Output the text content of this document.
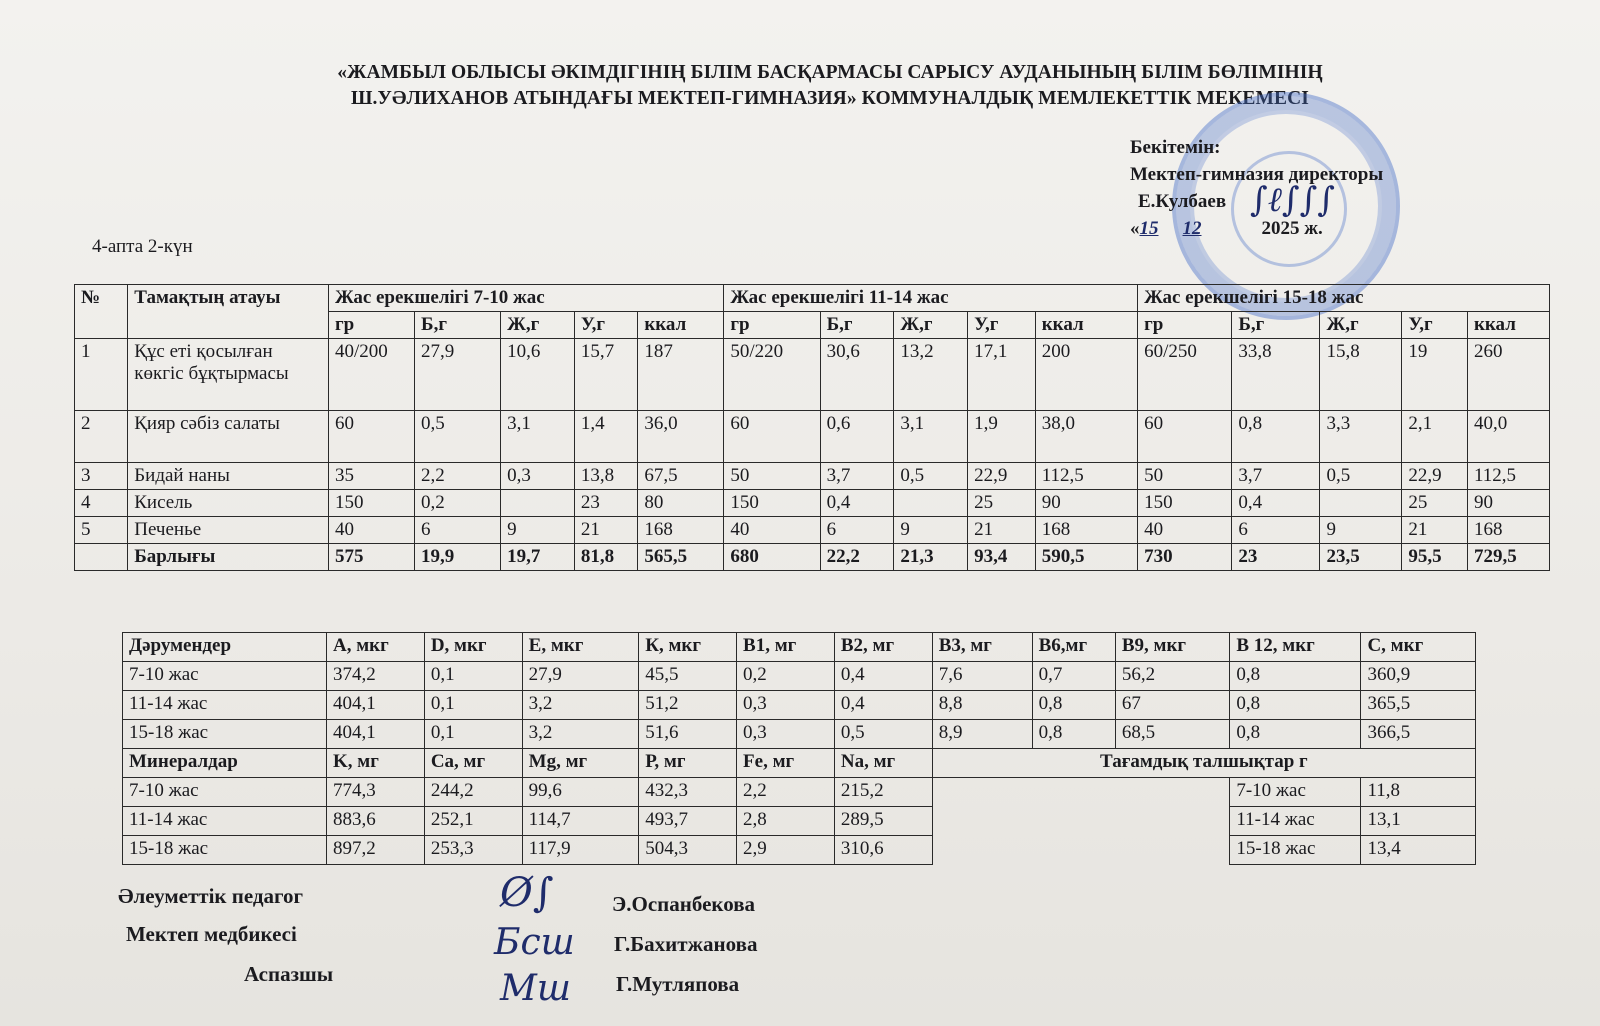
«ЖАМБЫЛ ОБЛЫСЫ ӘКІМДІГІНІҢ БІЛІМ БАСҚАРМАСЫ САРЫСУ АУДАНЫНЫҢ БІЛІМ БӨЛІМІНІҢ
Ш.УӘЛИХАНОВ АТЫНДАҒЫ МЕКТЕП-ГИМНАЗИЯ» КОММУНАЛДЫҚ МЕМЛЕКЕТТІК МЕКЕМЕСІ
Бекітемін:
Мектеп-гимназия директоры
Е.Кулбаев
«15 12	2025 ж.
∫ℓ∫∫∫
4-апта 2-күн
№	Тамақтың атауы	Жас ерекшелігі 7-10 жас					Жас ерекшелігі 11-14 жас					Жас ерекшелігі 15-18 жас				
		гр	Б,г	Ж,г	У,г	ккал	гр	Б,г	Ж,г	У,г	ккал	гр	Б,г	Ж,г	У,г	ккал
1	Құс еті қосылған көкгіс бұқтырмасы	40/200	27,9	10,6	15,7	187	50/220	30,6	13,2	17,1	200	60/250	33,8	15,8	19	260
2	Қияр сәбіз салаты	60	0,5	3,1	1,4	36,0	60	0,6	3,1	1,9	38,0	60	0,8	3,3	2,1	40,0
3	Бидай наны	35	2,2	0,3	13,8	67,5	50	3,7	0,5	22,9	112,5	50	3,7	0,5	22,9	112,5
4	Кисель	150	0,2		23	80	150	0,4		25	90	150	0,4		25	90
5	Печенье	40	6	9	21	168	40	6	9	21	168	40	6	9	21	168
	Барлығы	575	19,9	19,7	81,8	565,5	680	22,2	21,3	93,4	590,5	730	23	23,5	95,5	729,5
Дәрумендер	А, мкг	D, мкг	Е, мкг	К, мкг	В1, мг	В2, мг	В3, мг	В6,мг	В9, мкг	В 12, мкг	С, мкг
7-10 жас	374,2	0,1	27,9	45,5	0,2	0,4	7,6	0,7	56,2	0,8	360,9
11-14 жас	404,1	0,1	3,2	51,2	0,3	0,4	8,8	0,8	67	0,8	365,5
15-18 жас	404,1	0,1	3,2	51,6	0,3	0,5	8,9	0,8	68,5	0,8	366,5
Минералдар	K, мг	Са, мг	Mg, мг	Р, мг	Fe, мг	Na, мг	Тағамдық талшықтар г				
7-10 жас	774,3	244,2	99,6	432,3	2,2	215,2				7-10 жас	11,8
11-14 жас	883,6	252,1	114,7	493,7	2,8	289,5				11-14 жас	13,1
15-18 жас	897,2	253,3	117,9	504,3	2,9	310,6				15-18 жас	13,4
Әлеуметтік педагог	Э.Оспанбекова
Мектеп медбикесі	Г.Бахитжанова
Аспазшы	Г.Мутляпова
Ø∫
Бсш
Мш
